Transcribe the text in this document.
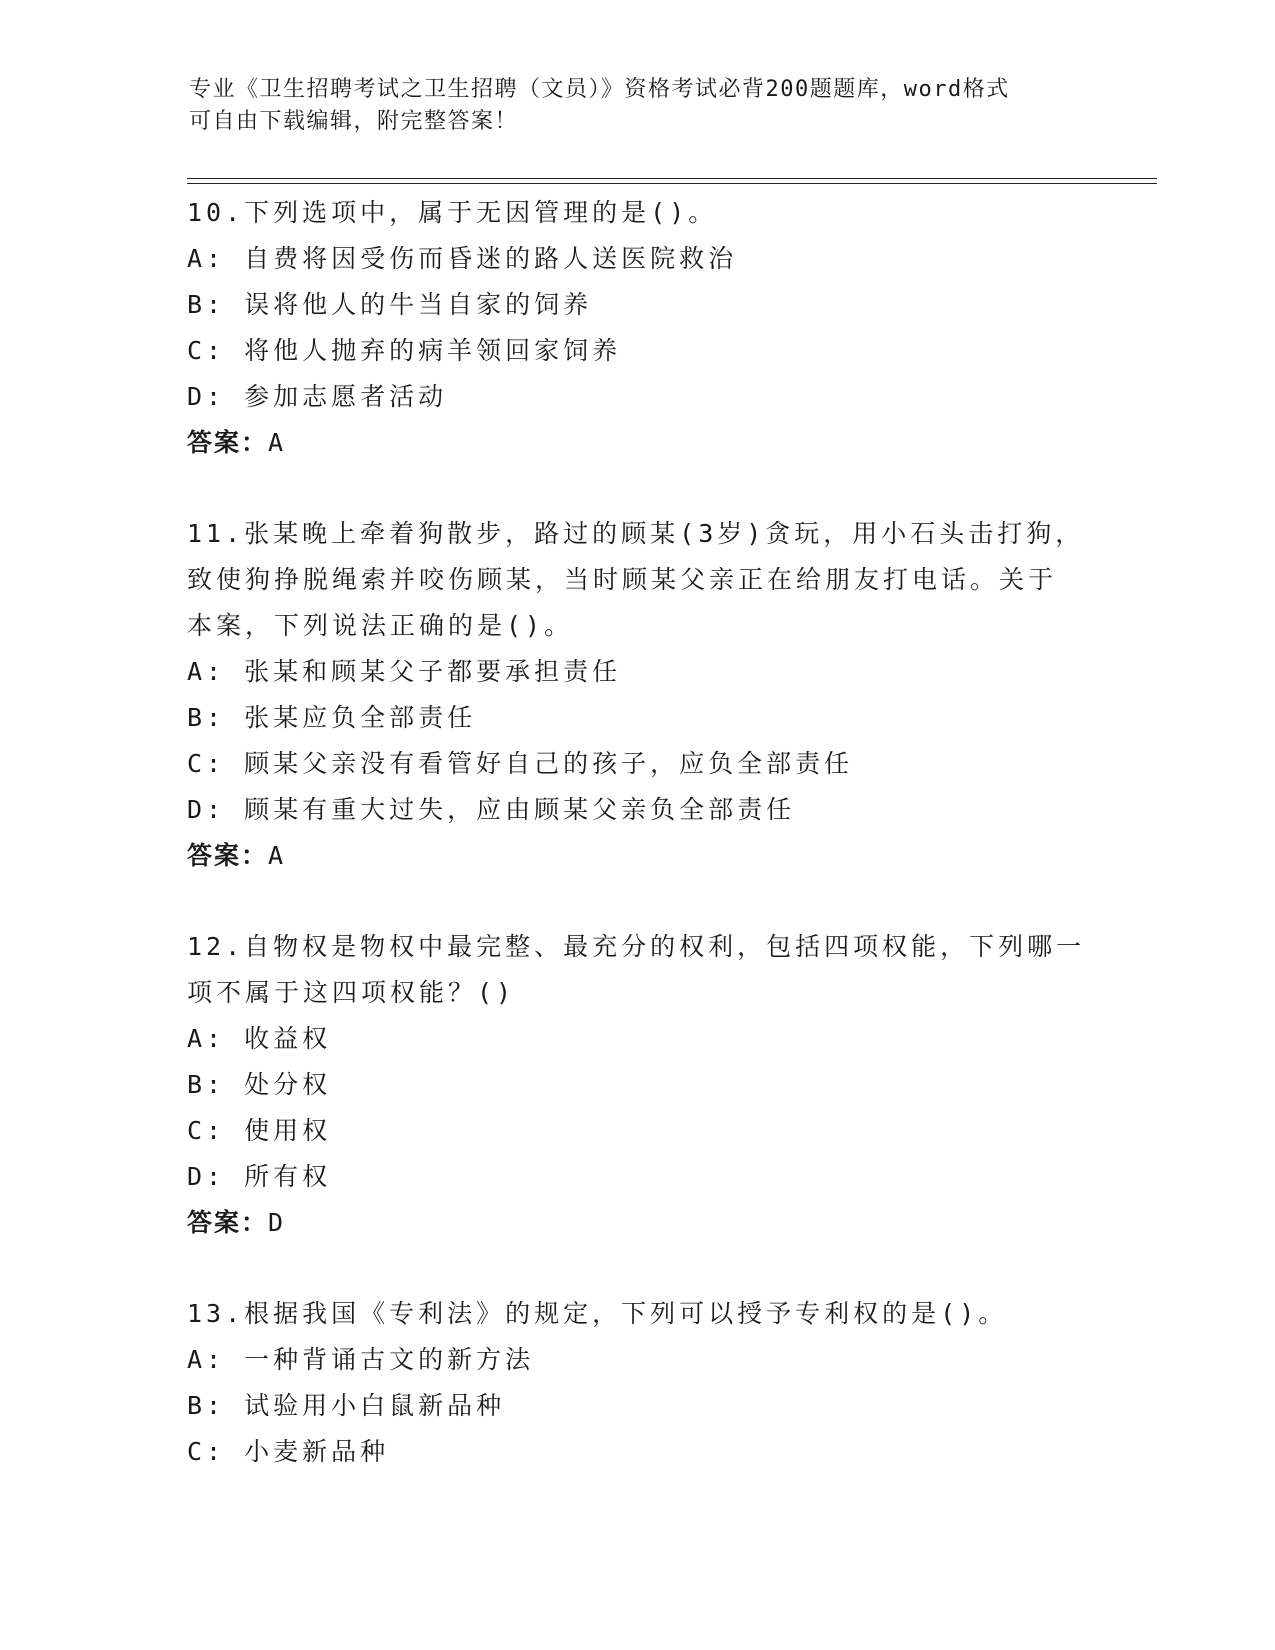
专业《卫生招聘考试之卫生招聘（文员）》资格考试必背200题题库，word格式
可自由下载编辑，附完整答案！
10.下列选项中，属于无因管理的是()。
A: 自费将因受伤而昏迷的路人送医院救治
B: 误将他人的牛当自家的饲养
C: 将他人抛弃的病羊领回家饲养
D: 参加志愿者活动
答案：A
11.张某晚上牵着狗散步，路过的顾某(3岁)贪玩，用小石头击打狗，
致使狗挣脱绳索并咬伤顾某，当时顾某父亲正在给朋友打电话。关于
本案，下列说法正确的是()。
A: 张某和顾某父子都要承担责任
B: 张某应负全部责任
C: 顾某父亲没有看管好自己的孩子，应负全部责任
D: 顾某有重大过失，应由顾某父亲负全部责任
答案：A
12.自物权是物权中最完整、最充分的权利，包括四项权能，下列哪一
项不属于这四项权能？()
A: 收益权
B: 处分权
C: 使用权
D: 所有权
答案：D
13.根据我国《专利法》的规定，下列可以授予专利权的是()。
A: 一种背诵古文的新方法
B: 试验用小白鼠新品种
C: 小麦新品种
